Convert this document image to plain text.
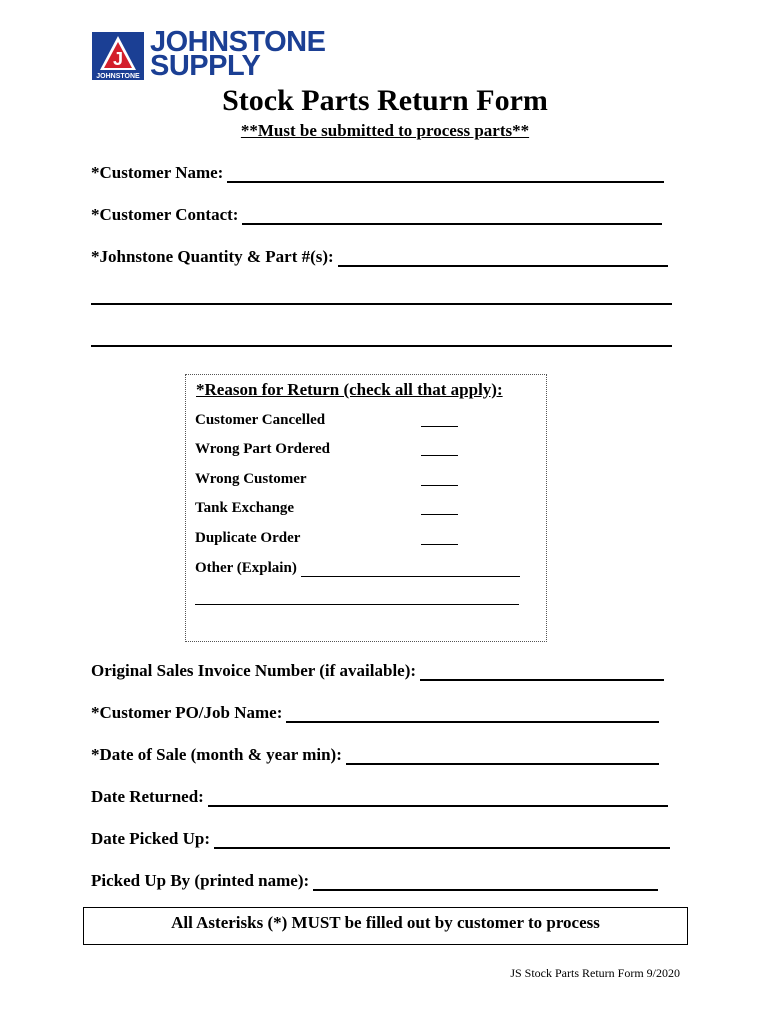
J
JOHNSTONE
JOHNSTONE
SUPPLY
Stock Parts Return Form
**Must be submitted to process parts**
*Customer Name:
*Customer Contact:
*Johnstone Quantity & Part #(s):
*Reason for Return (check all that apply):
Customer Cancelled
Wrong Part Ordered
Wrong Customer
Tank Exchange
Duplicate Order
Other (Explain)
Original Sales Invoice Number (if available):
*Customer PO/Job Name:
*Date of Sale (month & year min):
Date Returned:
Date Picked Up:
Picked Up By (printed name):
All Asterisks (*) MUST be filled out by customer to process
JS Stock Parts Return Form 9/2020
